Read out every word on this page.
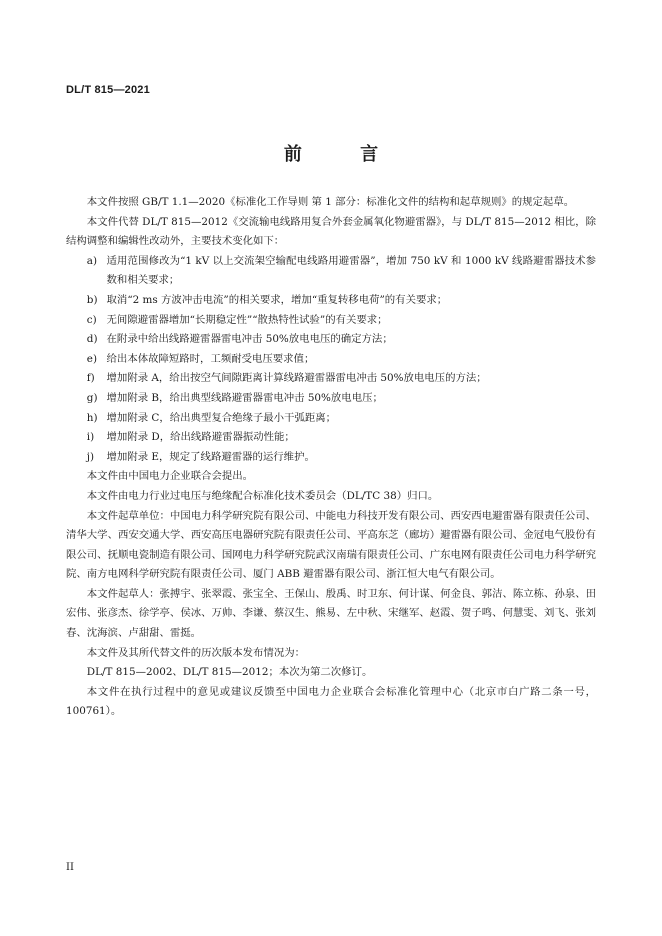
DL/T 815—2021
前 言

本文件按照 GB/T 1.1—2020《标准化工作导则 第 1 部分：标准化文件的结构和起草规则》的规定起草。

本文件代替 DL/T 815—2012《交流输电线路用复合外套金属氧化物避雷器》，与 DL/T 815—2012 相比，除结构调整和编辑性改动外，主要技术变化如下：

a) 适用范围修改为“1 kV 以上交流架空输配电线路用避雷器”，增加 750 kV 和 1000 kV 线路避雷器技术参数和相关要求；
b) 取消“2 ms 方波冲击电流”的相关要求，增加“重复转移电荷”的有关要求；
c) 无间隙避雷器增加“长期稳定性”“散热特性试验”的有关要求；
d) 在附录中给出线路避雷器雷电冲击 50%放电电压的确定方法；
e) 给出本体故障短路时，工频耐受电压要求值；
f)	增加附录 A，给出按空气间隙距离计算线路避雷器雷电冲击 50%放电电压的方法；
g) 增加附录 B，给出典型线路避雷器雷电冲击 50%放电电压；
h) 增加附录 C，给出典型复合绝缘子最小干弧距离；
i)	增加附录 D，给出线路避雷器振动性能；
j)	增加附录 E，规定了线路避雷器的运行维护。

本文件由中国电力企业联合会提出。

本文件由电力行业过电压与绝缘配合标准化技术委员会（DL/TC 38）归口。

本文件起草单位：中国电力科学研究院有限公司、中能电力科技开发有限公司、西安西电避雷器有限责任公司、清华大学、西安交通大学、西安高压电器研究院有限责任公司、平高东芝（廊坊）避雷器有限公司、金冠电气股份有限公司、抚顺电瓷制造有限公司、国网电力科学研究院武汉南瑞有限责任公司、广东电网有限责任公司电力科学研究院、南方电网科学研究院有限责任公司、厦门 ABB 避雷器有限公司、浙江恒大电气有限公司。

本文件起草人：张搏宇、张翠霞、张宝全、王保山、殷禹、时卫东、何计谋、何金良、郭洁、陈立栋、孙泉、田宏伟、张彦杰、徐学亭、侯冰、万帅、李谦、蔡汉生、熊易、左中秋、宋继军、赵霞、贺子鸣、何慧雯、刘飞、张刘春、沈海滨、卢甜甜、雷挺。

本文件及其所代替文件的历次版本发布情况为：

DL/T 815—2002、DL/T 815—2012；本次为第二次修订。

本文件在执行过程中的意见或建议反馈至中国电力企业联合会标准化管理中心（北京市白广路二条一号，100761）。

II
